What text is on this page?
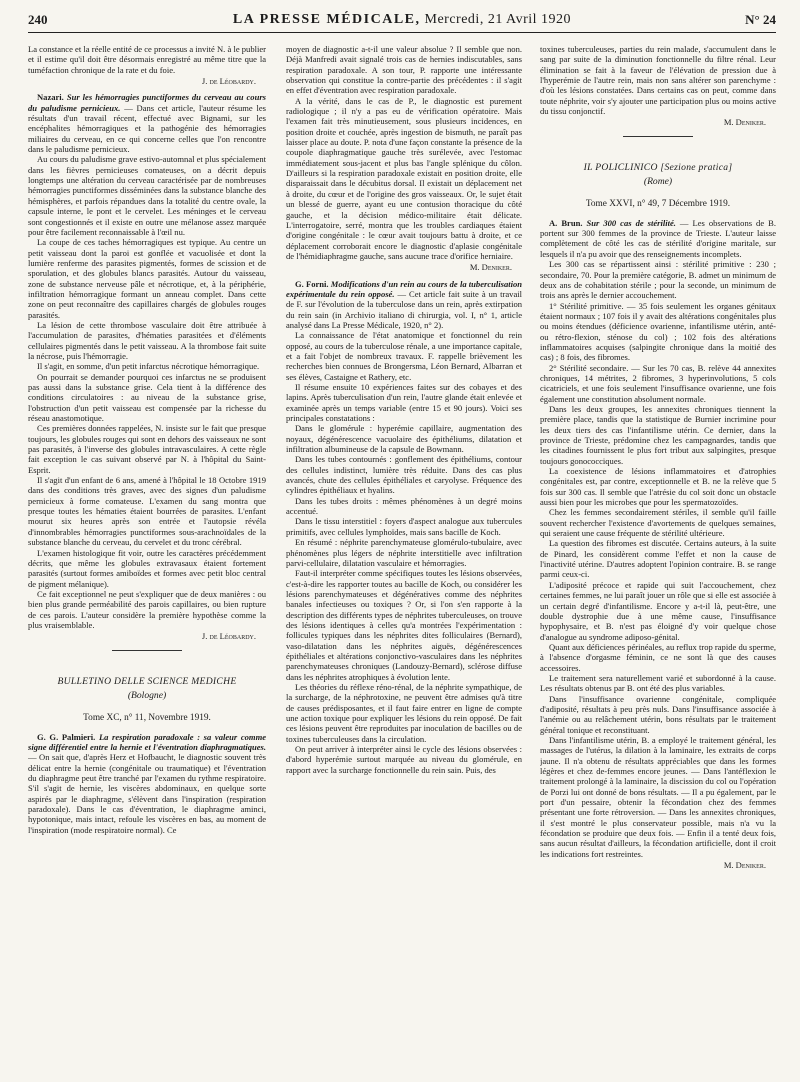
240	LA PRESSE MÉDICALE, Mercredi, 21 Avril 1920	N° 24

La constance et la réelle entité de ce processus a invité N. à le publier et il estime qu'il doit être désormais enregistré au même titre que la tuméfaction chronique de la rate et du foie.

J. de Léobardy.

Nazari. Sur les hémorragies punctiformes du cerveau au cours du paludisme pernicieux. — Dans cet article, l'auteur résume les résultats d'un travail récent, effectué avec Bignami, sur les encéphalites hémorragiques et la pathogénie des hémorragies miliaires du cerveau, en ce qui concerne celles que l'on rencontre dans le paludisme pernicieux.

Au cours du paludisme grave estivo-automnal et plus spécialement dans les fièvres pernicieuses comateuses, on a décrit depuis longtemps une altération du cerveau caractérisée par de nombreuses hémorragies punctiformes disséminées dans la substance blanche des hémisphères, et parfois répandues dans la totalité du centre ovale, la capsule interne, le pont et le cervelet. Les méninges et le cerveau sont congestionnés et il existe en outre une mélanose assez marquée pour être facilement reconnaissable à l'œil nu.

La coupe de ces taches hémorragiques est typique. Au centre un petit vaisseau dont la paroi est gonflée et vacuolisée et dont la lumière renferme des parasites pigmentés, formes de scission et de sporulation, et des globules blancs parasités. Autour du vaisseau, zone de substance nerveuse pâle et nécrotique, et, à la périphérie, infiltration hémorragique formant un anneau complet. Dans cette zone on peut reconnaître des capillaires chargés de globules rouges parasités.

La lésion de cette thrombose vasculaire doit être attribuée à l'accumulation de parasites, d'hématies parasitées et d'éléments cellulaires pigmentés dans le petit vaisseau. A la thrombose fait suite la nécrose, puis l'hémorragie.

Il s'agit, en somme, d'un petit infarctus nécrotique hémorragique.

On pourrait se demander pourquoi ces infarctus ne se produisent pas aussi dans la substance grise. Cela tient à la différence des conditions circulatoires : au niveau de la substance grise, l'obstruction d'un petit vaisseau est compensée par la richesse du réseau anastomotique.

Ces premières données rappelées, N. insiste sur le fait que presque toujours, les globules rouges qui sont en dehors des vaisseaux ne sont pas parasités, à l'inverse des globules intravasculaires. A cette règle fait exception le cas suivant observé par N. à l'hôpital du Saint-Esprit.

Il s'agit d'un enfant de 6 ans, amené à l'hôpital le 18 Octobre 1919 dans des conditions très graves, avec des signes d'un paludisme pernicieux à forme comateuse. L'examen du sang montra que presque toutes les hématies étaient bourrées de parasites. L'enfant mourut six heures après son entrée et l'autopsie révéla d'innombrables hémorragies punctiformes sous-arachnoïdales de la substance blanche du cerveau, du cervelet et du tronc cérébral.

L'examen histologique fit voir, outre les caractères précédemment décrits, que même les globules extravasaux étaient fortement parasités (surtout formes amiboïdes et formes avec petit bloc central de pigment mélanique).

Ce fait exceptionnel ne peut s'expliquer que de deux manières : ou bien plus grande perméabilité des parois capillaires, ou bien rupture de ces parois. L'auteur considère la première hypothèse comme la plus vraisemblable.

J. de Léobardy.
BULLETINO DELLE SCIENCE MEDICHE
(Bologne)
Tome XC, n° 11, Novembre 1919.

G. G. Palmieri. La respiration paradoxale : sa valeur comme signe différentiel entre la hernie et l'éventration diaphragmatiques. — On sait que, d'après Herz et Hofbaucht, le diagnostic souvent très délicat entre la hernie (congénitale ou traumatique) et l'éventration du diaphragme peut être tranché par l'examen du rythme respiratoire. S'il s'agit de hernie, les viscères abdominaux, en quelque sorte aspirés par le diaphragme, s'élèvent dans l'inspiration (respiration paradoxale). Dans le cas d'éventration, le diaphragme aminci, hypotonique, mais intact, refoule les viscères en bas, au moment de l'inspiration (mode respiratoire normal). Ce

moyen de diagnostic a-t-il une valeur absolue ? Il semble que non. Déjà Manfredi avait signalé trois cas de hernies indiscutables, sans respiration paradoxale. A son tour, P. rapporte une intéressante observation qui constitue la contre-partie des précédentes : il s'agit en effet d'éventration avec respiration paradoxale.

A la vérité, dans le cas de P., le diagnostic est purement radiologique ; il n'y a pas eu de vérification opératoire. Mais l'examen fait très minutieusement, sous plusieurs incidences, en position droite et couchée, après ingestion de bismuth, ne paraît pas laisser place au doute. P. nota d'une façon constante la présence de la coupole diaphragmatique gauche très surélevée, avec l'estomac immédiatement sous-jacent et plus bas l'angle splénique du côlon. D'ailleurs si la respiration paradoxale existait en position droite, elle disparaissait dans le décubitus dorsal. Il existait un déplacement net à droite, du cœur et de l'origine des gros vaisseaux. Or, le sujet était un blessé de guerre, ayant eu une contusion thoracique du côté gauche, et la décision médico-militaire était délicate. L'interrogatoire, serré, montra que les troubles cardiaques étaient d'origine congénitale : le cœur avait toujours battu à droite, et ce déplacement corroborait encore le diagnostic d'aplasie congénitale de l'hémidiaphragme gauche, sans aucune trace d'orifice herniaire.

M. Deniker.

G. Forni. Modifications d'un rein au cours de la tuberculisation expérimentale du rein opposé. — Cet article fait suite à un travail de F. sur l'évolution de la tuberculose dans un rein, après extirpation du rein sain (in Archivio italiano di chirurgia, vol. I, n° 1, article analysé dans La Presse Médicale, 1920, n° 2).

La connaissance de l'état anatomique et fonctionnel du rein opposé, au cours de la tuberculose rénale, a une importance capitale, et a fait l'objet de nombreux travaux. F. rappelle brièvement les recherches bien connues de Brongersma, Léon Bernard, Albarran et ses élèves, Castaigne et Rathery, etc.

Il résume ensuite 10 expériences faites sur des cobayes et des lapins. Après tuberculisation d'un rein, l'autre glande était enlevée et examinée après un temps variable (entre 15 et 90 jours). Voici ses principales constatations :

Dans le glomérule : hyperémie capillaire, augmentation des noyaux, dégénérescence vacuolaire des épithéliums, dilatation et infiltration albumineuse de la capsule de Bowmann.

Dans les tubes contournés : gonflement des épithéliums, contour des cellules indistinct, lumière très réduite. Dans des cas plus avancés, chute des cellules épithéliales et caryolyse. Fréquence des cylindres épithéliaux et hyalins.

Dans les tubes droits : mêmes phénomènes à un degré moins accentué.

Dans le tissu interstitiel : foyers d'aspect analogue aux tubercules primitifs, avec cellules lymphoïdes, mais sans bacille de Koch.

En résumé : néphrite parenchymateuse glomérulo-tubulaire, avec phénomènes plus légers de néphrite interstitielle avec infiltration parvi-cellulaire, dilatation vasculaire et hémorragies.

Faut-il interpréter comme spécifiques toutes les lésions observées, c'est-à-dire les rapporter toutes au bacille de Koch, ou considérer les lésions parenchymateuses et dégénératives comme des néphrites banales infectieuses ou toxiques ? Or, si l'on s'en rapporte à la description des différents types de néphrites tuberculeuses, on trouve des lésions identiques à celles qu'a montrées l'expérimentation : follicules typiques dans les néphrites dites folliculaires (Bernard), vaso-dilatation dans les néphrites aiguës, dégénérescences épithéliales et altérations conjonctivo-vasculaires dans les néphrites parenchymateuses chroniques (Landouzy-Bernard), sclérose diffuse dans les néphrites atrophiques à évolution lente.

Les théories du réflexe réno-rénal, de la néphrite sympathique, de la surcharge, de la néphrotoxine, ne peuvent être admises qu'à titre de causes prédisposantes, et il faut faire entrer en ligne de compte une action toxique pour expliquer les lésions du rein opposé. De fait ces lésions peuvent être reproduites par inoculation de bacilles ou de toxines tuberculeuses dans la circulation.

On peut arriver à interpréter ainsi le cycle des lésions observées : d'abord hyperémie surtout marquée au niveau du glomérule, en rapport avec la surcharge fonctionnelle du rein sain. Puis, des

toxines tuberculeuses, parties du rein malade, s'accumulent dans le sang par suite de la diminution fonctionnelle du filtre rénal. Leur élimination se fait à la faveur de l'élévation de pression due à l'hyperémie de l'autre rein, mais non sans altérer son parenchyme : d'où les lésions constatées. Dans certains cas on peut, comme dans toute néphrite, voir s'y ajouter une participation plus ou moins active du tissu conjonctif.

M. Deniker.
IL POLICLINICO [Sezione pratica]
(Rome)
Tome XXVI, n° 49, 7 Décembre 1919.

A. Brun. Sur 300 cas de stérilité. — Les observations de B. portent sur 300 femmes de la province de Trieste. L'auteur laisse complètement de côté les cas de stérilité d'origine maritale, sur lesquels il n'a pu avoir que des renseignements incomplets.

Les 300 cas se répartissent ainsi : stérilité primitive : 230 ; secondaire, 70. Pour la première catégorie, B. admet un minimum de deux ans de cohabitation stérile ; pour la seconde, un minimum de trois ans après le dernier accouchement.

1° Stérilité primitive. — 35 fois seulement les organes génitaux étaient normaux ; 107 fois il y avait des altérations congénitales plus ou moins étendues (déficience ovarienne, infantilisme utérin, anté- ou rétro-flexion, sténose du col) ; 102 fois des altérations inflammatoires acquises (salpingite chronique dans la moitié des cas) ; 8 fois, des fibromes.

2° Stérilité secondaire. — Sur les 70 cas, B. relève 44 annexites chroniques, 14 métrites, 2 fibromes, 3 hyperinvolutions, 5 cols cicatriciels, et une fois seulement l'insuffisance ovarienne, une fois également une constitution absolument normale.

Dans les deux groupes, les annexites chroniques tiennent la première place, tandis que la statistique de Burnier incrimine pour les deux tiers des cas l'infantilisme utérin. Ce dernier, dans la province de Trieste, prédomine chez les campagnardes, tandis que les citadines fournissent le plus fort tribut aux salpingites, presque toujours gonococciques.

La coexistence de lésions inflammatoires et d'atrophies congénitales est, par contre, exceptionnelle et B. ne la relève que 5 fois sur 300 cas. Il semble que l'atrésie du col soit donc un obstacle aussi bien pour les microbes que pour les spermatozoïdes.

Chez les femmes secondairement stériles, il semble qu'il faille souvent rechercher l'existence d'avortements de quelques semaines, qui seraient une cause fréquente de stérilité ultérieure.

La question des fibromes est discutée. Certains auteurs, à la suite de Pinard, les considèrent comme l'effet et non la cause de l'inactivité utérine. D'autres adoptent l'opinion contraire. B. se range parmi ceux-ci.

L'adiposité précoce et rapide qui suit l'accouchement, chez certaines femmes, ne lui paraît jouer un rôle que si elle est associée à un certain degré d'infantilisme. Encore y a-t-il là, peut-être, une double dystrophie due à une même cause, l'insuffisance hypophysaire, et B. n'est pas éloigné d'y voir quelque chose d'analogue au syndrome adiposo-génital.

Quant aux déficiences périnéales, au reflux trop rapide du sperme, à l'absence d'orgasme féminin, ce ne sont là que des causes accessoires.

Le traitement sera naturellement varié et subordonné à la cause. Les résultats obtenus par B. ont été des plus variables.

Dans l'insuffisance ovarienne congénitale, compliquée d'adiposité, résultats à peu près nuls. Dans l'insuffisance associée à l'anémie ou au relâchement utérin, bons résultats par le traitement général tonique et reconstituant.

Dans l'infantilisme utérin, B. a employé le traitement général, les massages de l'utérus, la dilation à la laminaire, les extraits de corps jaune. Il n'a obtenu de résultats appréciables que dans les formes légères et chez de-femmes encore jeunes. — Dans l'antéflexion le traitement prolongé à la laminaire, la discission du col ou l'opération de Porzi lui ont donné de bons résultats. — Il a pu également, par le port d'un pessaire, obtenir la fécondation chez des femmes présentant une forte rétroversion. — Dans les annexites chroniques, il s'est montré le plus conservateur possible, mais n'a vu la fécondation se produire que deux fois. — Enfin il a tenté deux fois, sans aucun résultat d'ailleurs, la fécondation artificielle, dont il croit les indications fort restreintes.

M. Deniker.
